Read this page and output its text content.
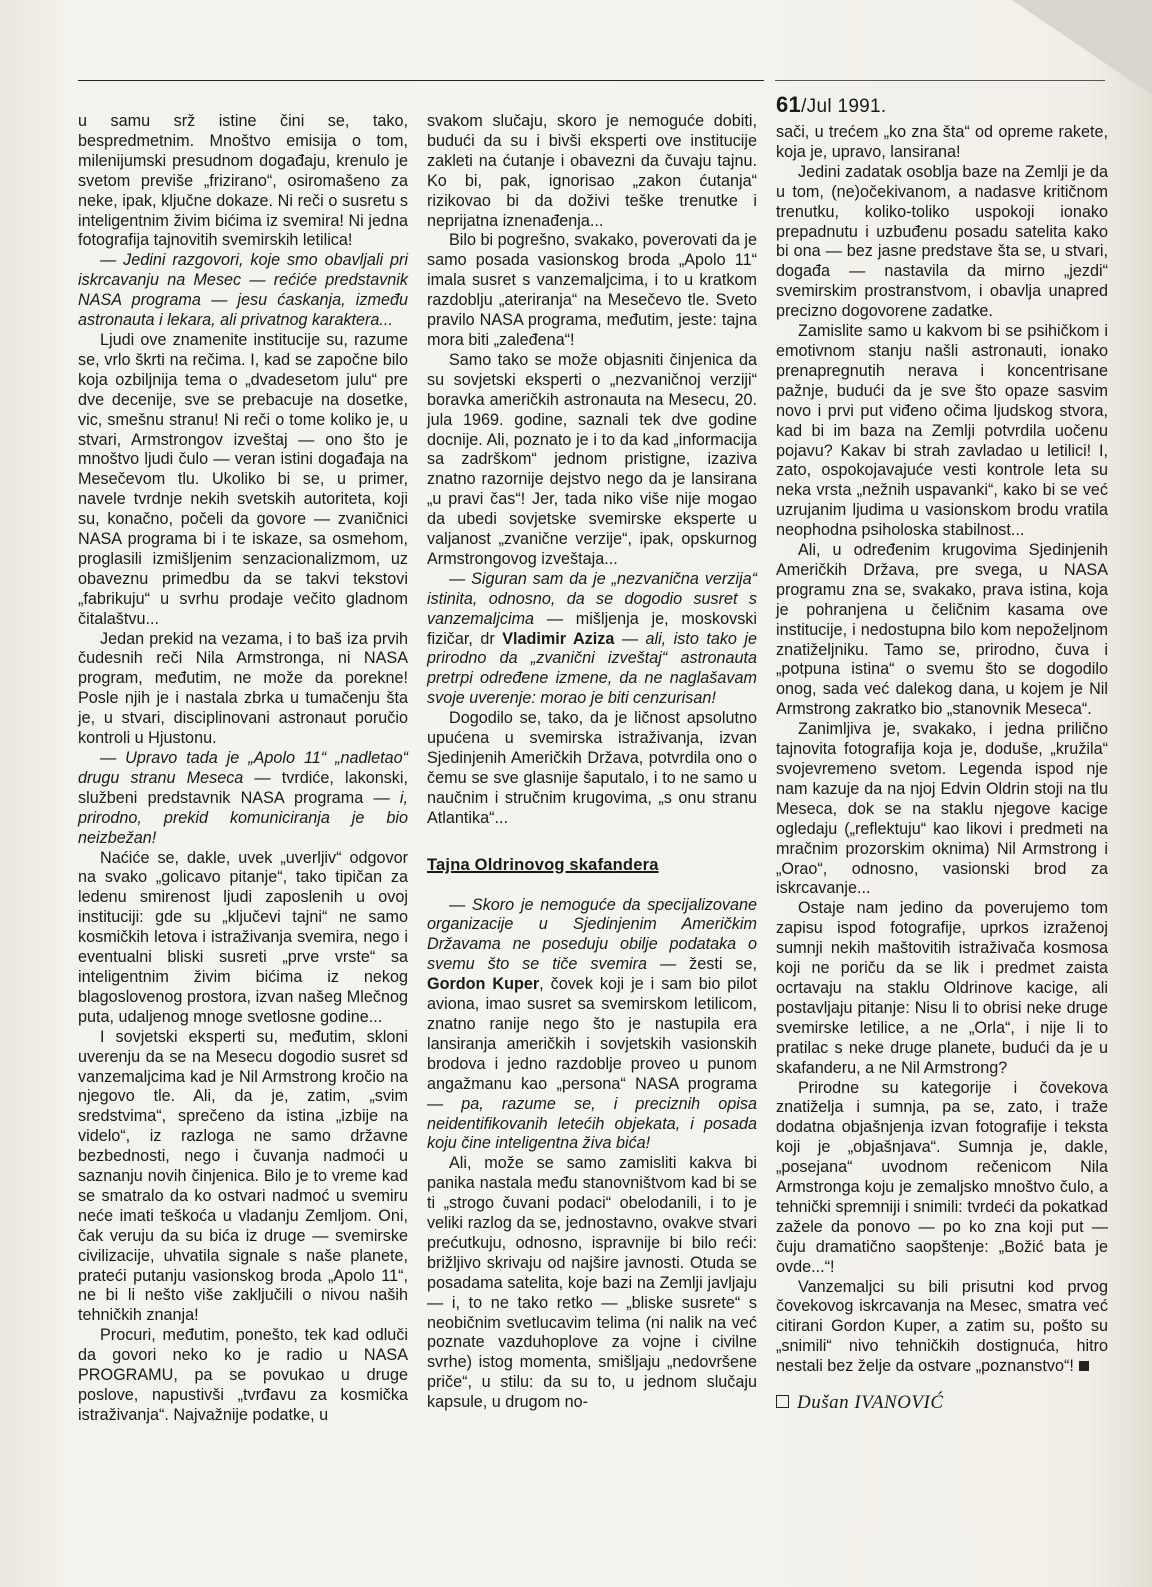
61/Jul 1991.

u samu srž istine čini se, tako, bespredmetnim. Mnoštvo emisija o tom, milenijumski presudnom događaju, krenulo je svetom previše „frizirano“, osiromašeno za neke, ipak, ključne dokaze. Ni reči o susretu s inteligentnim živim bićima iz svemira! Ni jedna fotografija tajnovitih svemirskih letilica!

— Jedini razgovori, koje smo obavljali pri iskrcavanju na Mesec — rećiće predstavnik NASA programa — jesu ćaskanja, između astronauta i lekara, ali privatnog karaktera...

Ljudi ove znamenite institucije su, razume se, vrlo škrti na rečima. I, kad se započne bilo koja ozbiljnija tema o „dvadesetom julu“ pre dve decenije, sve se prebacuje na dosetke, vic, smešnu stranu! Ni reči o tome koliko je, u stvari, Armstrongov izveštaj — ono što je mnoštvo ljudi čulo — veran istini događaja na Mesečevom tlu. Ukoliko bi se, u primer, navele tvrdnje nekih svetskih autoriteta, koji su, konačno, počeli da govore — zvaničnici NASA programa bi i te iskaze, sa osmehom, proglasili izmišljenim senzacionalizmom, uz obaveznu primedbu da se takvi tekstovi „fabrikuju“ u svrhu prodaje večito gladnom čitalaštvu...

Jedan prekid na vezama, i to baš iza prvih čudesnih reči Nila Armstronga, ni NASA program, međutim, ne može da porekne! Posle njih je i nastala zbrka u tumačenju šta je, u stvari, disciplinovani astronaut poručio kontroli u Hjustonu.

— Upravo tada je „Apolo 11“ „nadletao“ drugu stranu Meseca — tvrdiće, lakonski, službeni predstavnik NASA programa — i, prirodno, prekid komuniciranja je bio neizbežan!

Naćiće se, dakle, uvek „uverljiv“ odgovor na svako „golicavo pitanje“, tako tipičan za ledenu smirenost ljudi zaposlenih u ovoj instituciji: gde su „ključevi tajni“ ne samo kosmičkih letova i istraživanja svemira, nego i eventualni bliski susreti „prve vrste“ sa inteligentnim živim bićima iz nekog blagoslovenog prostora, izvan našeg Mlečnog puta, udaljenog mnoge svetlosne godine...

I sovjetski eksperti su, međutim, skloni uverenju da se na Mesecu dogodio susret sd vanzemaljcima kad je Nil Armstrong kročio na njegovo tle. Ali, da je, zatim, „svim sredstvima“, sprečeno da istina „izbije na videlo“, iz razloga ne samo državne bezbednosti, nego i čuvanja nadmoći u saznanju novih činjenica. Bilo je to vreme kad se smatralo da ko ostvari nadmoć u svemiru neće imati teškoća u vladanju Zemljom. Oni, čak veruju da su bića iz druge — svemirske civilizacije, uhvatila signale s naše planete, prateći putanju vasionskog broda „Apolo 11“, ne bi li nešto više zaključili o nivou naših tehničkih znanja!

Procuri, međutim, ponešto, tek kad odluči da govori neko ko je radio u NASA PROGRAMU, pa se povukao u druge poslove, napustivši „tvrđavu za kosmička istraživanja“. Najvažnije podatke, u

svakom slučaju, skoro je nemoguće dobiti, budući da su i bivši eksperti ove institucije zakleti na ćutanje i obavezni da čuvaju tajnu. Ko bi, pak, ignorisao „zakon ćutanja“ rizikovao bi da doživi teške trenutke i neprijatna iznenađenja...

Bilo bi pogrešno, svakako, poverovati da je samo posada vasionskog broda „Apolo 11“ imala susret s vanzemaljcima, i to u kratkom razdoblju „ateriranja“ na Mesečevo tle. Sveto pravilo NASA programa, međutim, jeste: tajna mora biti „zaleđena“!

Samo tako se može objasniti činjenica da su sovjetski eksperti o „nezvaničnoj verziji“ boravka američkih astronauta na Mesecu, 20. jula 1969. godine, saznali tek dve godine docnije. Ali, poznato je i to da kad „informacija sa zadrškom“ jednom pristigne, izaziva znatno razornije dejstvo nego da je lansirana „u pravi čas“! Jer, tada niko više nije mogao da ubedi sovjetske svemirske eksperte u valjanost „zvanične verzije“, ipak, opskurnog Armstrongovog izveštaja...

— Siguran sam da je „nezvanična verzija“ istinita, odnosno, da se dogodio susret s vanzemaljcima — mišljenja je, moskovski fizičar, dr Vladimir Aziza — ali, isto tako je prirodno da „zvanični izveštaj“ astronauta pretrpi određene izmene, da ne naglašavam svoje uverenje: morao je biti cenzurisan!

Dogodilo se, tako, da je ličnost apsolutno upućena u svemirska istraživanja, izvan Sjedinjenih Američkih Država, potvrdila ono o čemu se sve glasnije šaputalo, i to ne samo u naučnim i stručnim krugovima, „s onu stranu Atlantika“...

Tajna Oldrinovog skafandera

— Skoro je nemoguće da specijalizovane organizacije u Sjedinjenim Američkim Državama ne poseduju obilje podataka o svemu što se tiče svemira — žesti se, Gordon Kuper, čovek koji je i sam bio pilot aviona, imao susret sa svemirskom letilicom, znatno ranije nego što je nastupila era lansiranja američkih i sovjetskih vasionskih brodova i jedno razdoblje proveo u punom angažmanu kao „persona“ NASA programa — pa, razume se, i preciznih opisa neidentifikovanih letećih objekata, i posada koju čine inteligentna živa bića!

Ali, može se samo zamisliti kakva bi panika nastala među stanovništvom kad bi se ti „strogo čuvani podaci“ obelodanili, i to je veliki razlog da se, jednostavno, ovakve stvari prećutkuju, odnosno, ispravnije bi bilo reći: brižljivo skrivaju od najšire javnosti. Otuda se posadama satelita, koje bazi na Zemlji javljaju — i, to ne tako retko — „bliske susrete“ s neobičnim svetlucavim telima (ni nalik na već poznate vazduhoplove za vojne i civilne svrhe) istog momenta, smišljaju „nedovršene priče“, u stilu: da su to, u jednom slučaju kapsule, u drugom no-

sači, u trećem „ko zna šta“ od opreme rakete, koja je, upravo, lansirana!

Jedini zadatak osoblja baze na Zemlji je da u tom, (ne)očekivanom, a nadasve kritičnom trenutku, koliko-toliko uspokoji ionako prepadnutu i uzbuđenu posadu satelita kako bi ona — bez jasne predstave šta se, u stvari, događa — nastavila da mirno „jezdi“ svemirskim prostranstvom, i obavlja unapred precizno dogovorene zadatke.

Zamislite samo u kakvom bi se psihičkom i emotivnom stanju našli astronauti, ionako prenapregnutih nerava i koncentrisane pažnje, budući da je sve što opaze sasvim novo i prvi put viđeno očima ljudskog stvora, kad bi im baza na Zemlji potvrdila uočenu pojavu? Kakav bi strah zavladao u letilici! I, zato, ospokojavajuće vesti kontrole leta su neka vrsta „nežnih uspavanki“, kako bi se već uzrujanim ljudima u vasionskom brodu vratila neophodna psiholoska stabilnost...

Ali, u određenim krugovima Sjedinjenih Američkih Država, pre svega, u NASA programu zna se, svakako, prava istina, koja je pohranjena u čeličnim kasama ove institucije, i nedostupna bilo kom nepoželjnom znatiželjniku. Tamo se, prirodno, čuva i „potpuna istina“ o svemu što se dogodilo onog, sada već dalekog dana, u kojem je Nil Armstrong zakratko bio „stanovnik Meseca“.

Zanimljiva je, svakako, i jedna prilično tajnovita fotografija koja je, doduše, „kružila“ svojevremeno svetom. Legenda ispod nje nam kazuje da na njoj Edvin Oldrin stoji na tlu Meseca, dok se na staklu njegove kacige ogledaju („reflektuju“ kao likovi i predmeti na mračnim prozorskim oknima) Nil Armstrong i „Orao“, odnosno, vasionski brod za iskrcavanje...

Ostaje nam jedino da poverujemo tom zapisu ispod fotografije, uprkos izraženoj sumnji nekih maštovitih istraživača kosmosa koji ne poriču da se lik i predmet zaista ocrtavaju na staklu Oldrinove kacige, ali postavljaju pitanje: Nisu li to obrisi neke druge svemirske letilice, a ne „Orla“, i nije li to pratilac s neke druge planete, budući da je u skafanderu, a ne Nil Armstrong?

Prirodne su kategorije i čovekova znatiželja i sumnja, pa se, zato, i traže dodatna objašnjenja izvan fotografije i teksta koji je „objašnjava“. Sumnja je, dakle, „posejana“ uvodnom rečenicom Nila Armstronga koju je zemaljsko mnoštvo čulo, a tehnički spremniji i snimili: tvrdeći da pokatkad zaželе da ponovo — po ko zna koji put — čuju dramatično saopštenje: „Božić bata je ovde...“!

Vanzemaljci su bili prisutni kod prvog čovekovog iskrcavanja na Mesec, smatra već citirani Gordon Kuper, a zatim su, pošto su „snimili“ nivo tehničkih dostignuća, hitro nestali bez želje da ostvare „poznanstvo“!

Dušan IVANOVIĆ
